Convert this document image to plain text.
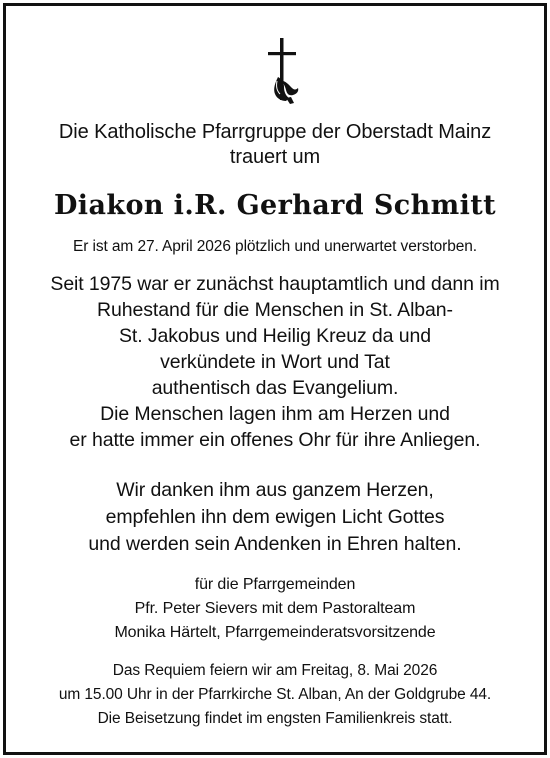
Die Katholische Pfarrgruppe der Oberstadt Mainz
trauert um
Diakon i.R. Gerhard Schmitt
Er ist am 27. April 2026 plötzlich und unerwartet verstorben.
Seit 1975 war er zunächst hauptamtlich und dann im
Ruhestand für die Menschen in St. Alban-
St. Jakobus und Heilig Kreuz da und
verkündete in Wort und Tat
authentisch das Evangelium.
Die Menschen lagen ihm am Herzen und
er hatte immer ein offenes Ohr für ihre Anliegen.
Wir danken ihm aus ganzem Herzen,
empfehlen ihn dem ewigen Licht Gottes
und werden sein Andenken in Ehren halten.
für die Pfarrgemeinden
Pfr. Peter Sievers mit dem Pastoralteam
Monika Härtelt, Pfarrgemeinderatsvorsitzende
Das Requiem feiern wir am Freitag, 8. Mai 2026
um 15.00 Uhr in der Pfarrkirche St. Alban, An der Goldgrube 44.
Die Beisetzung findet im engsten Familienkreis statt.
